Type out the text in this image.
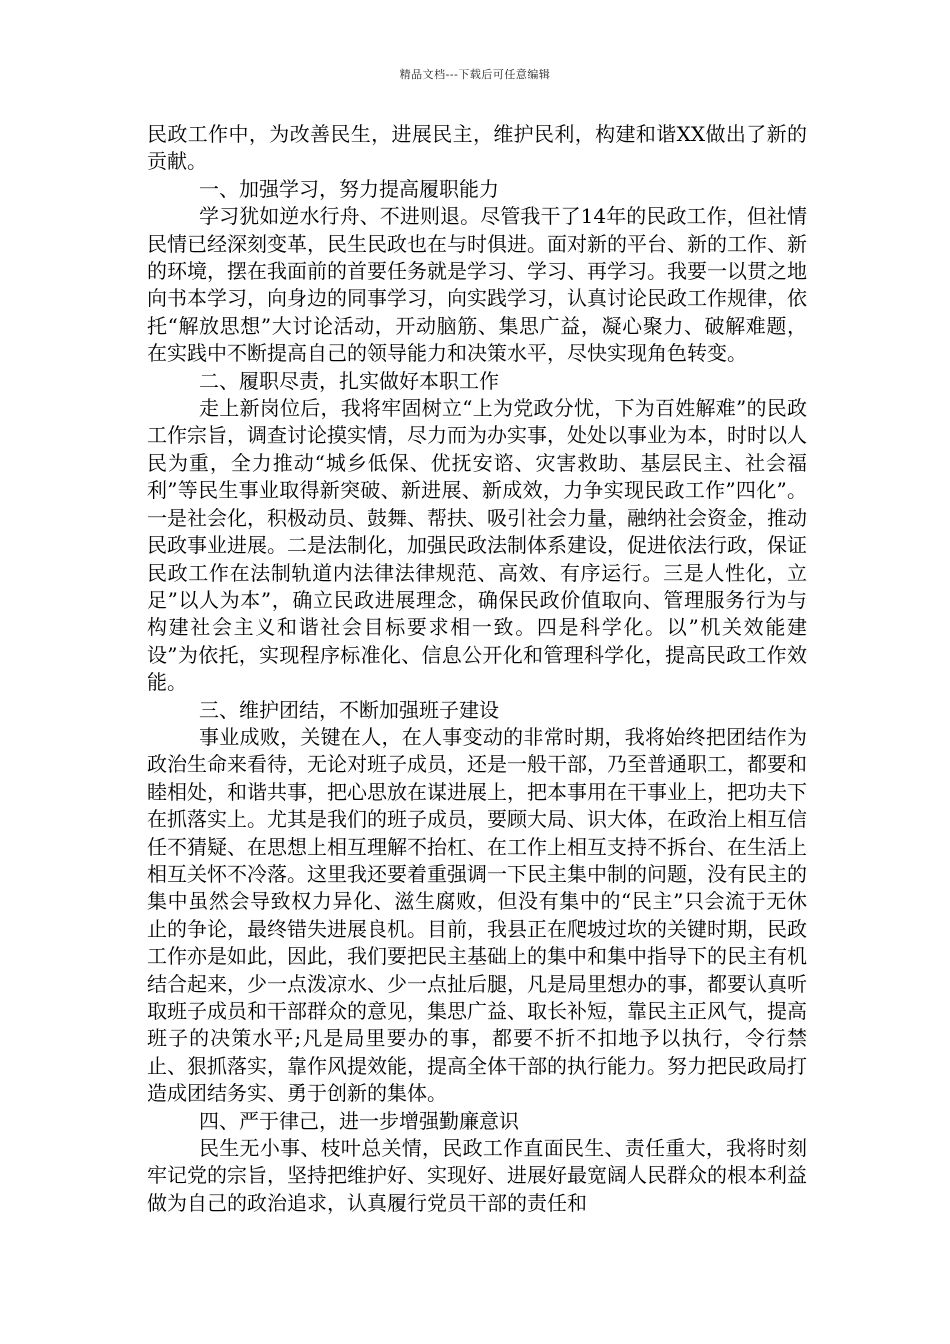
精品文档---下载后可任意编辑

民政工作中，为改善民生，进展民主，维护民利，构建和谐XX做出了新的贡献。

一、加强学习，努力提高履职能力

学习犹如逆水行舟、不进则退。尽管我干了14年的民政工作，但社情民情已经深刻变革，民生民政也在与时俱进。面对新的平台、新的工作、新的环境，摆在我面前的首要任务就是学习、学习、再学习。我要一以贯之地向书本学习，向身边的同事学习，向实践学习，认真讨论民政工作规律，依托“解放思想”大讨论活动，开动脑筋、集思广益，凝心聚力、破解难题，在实践中不断提高自己的领导能力和决策水平，尽快实现角色转变。

二、履职尽责，扎实做好本职工作

走上新岗位后，我将牢固树立“上为党政分忧，下为百姓解难”的民政工作宗旨，调查讨论摸实情，尽力而为办实事，处处以事业为本，时时以人民为重，全力推动“城乡低保、优抚安谘、灾害救助、基层民主、社会福利”等民生事业取得新突破、新进展、新成效，力争实现民政工作”四化”。一是社会化，积极动员、鼓舞、帮扶、吸引社会力量，融纳社会资金，推动民政事业进展。二是法制化，加强民政法制体系建设，促进依法行政，保证民政工作在法制轨道内法律法律规范、高效、有序运行。三是人性化，立足”以人为本”，确立民政进展理念，确保民政价值取向、管理服务行为与构建社会主义和谐社会目标要求相一致。四是科学化。以”机关效能建设”为依托，实现程序标准化、信息公开化和管理科学化，提高民政工作效能。

三、维护团结，不断加强班子建设

事业成败，关键在人，在人事变动的非常时期，我将始终把团结作为政治生命来看待，无论对班子成员，还是一般干部，乃至普通职工，都要和睦相处，和谐共事，把心思放在谋进展上，把本事用在干事业上，把功夫下在抓落实上。尤其是我们的班子成员，要顾大局、识大体，在政治上相互信任不猜疑、在思想上相互理解不抬杠、在工作上相互支持不拆台、在生活上相互关怀不冷落。这里我还要着重强调一下民主集中制的问题，没有民主的集中虽然会导致权力异化、滋生腐败，但没有集中的“民主”只会流于无休止的争论，最终错失进展良机。目前，我县正在爬坡过坎的关键时期，民政工作亦是如此，因此，我们要把民主基础上的集中和集中指导下的民主有机结合起来，少一点泼凉水、少一点扯后腿，凡是局里想办的事，都要认真听取班子成员和干部群众的意见，集思广益、取长补短，靠民主正风气，提高班子的决策水平;凡是局里要办的事，都要不折不扣地予以执行，令行禁止、狠抓落实，靠作风提效能，提高全体干部的执行能力。努力把民政局打造成团结务实、勇于创新的集体。

四、严于律己，进一步增强勤廉意识

民生无小事、枝叶总关情，民政工作直面民生、责任重大，我将时刻牢记党的宗旨，坚持把维护好、实现好、进展好最宽阔人民群众的根本利益做为自己的政治追求，认真履行党员干部的责任和
